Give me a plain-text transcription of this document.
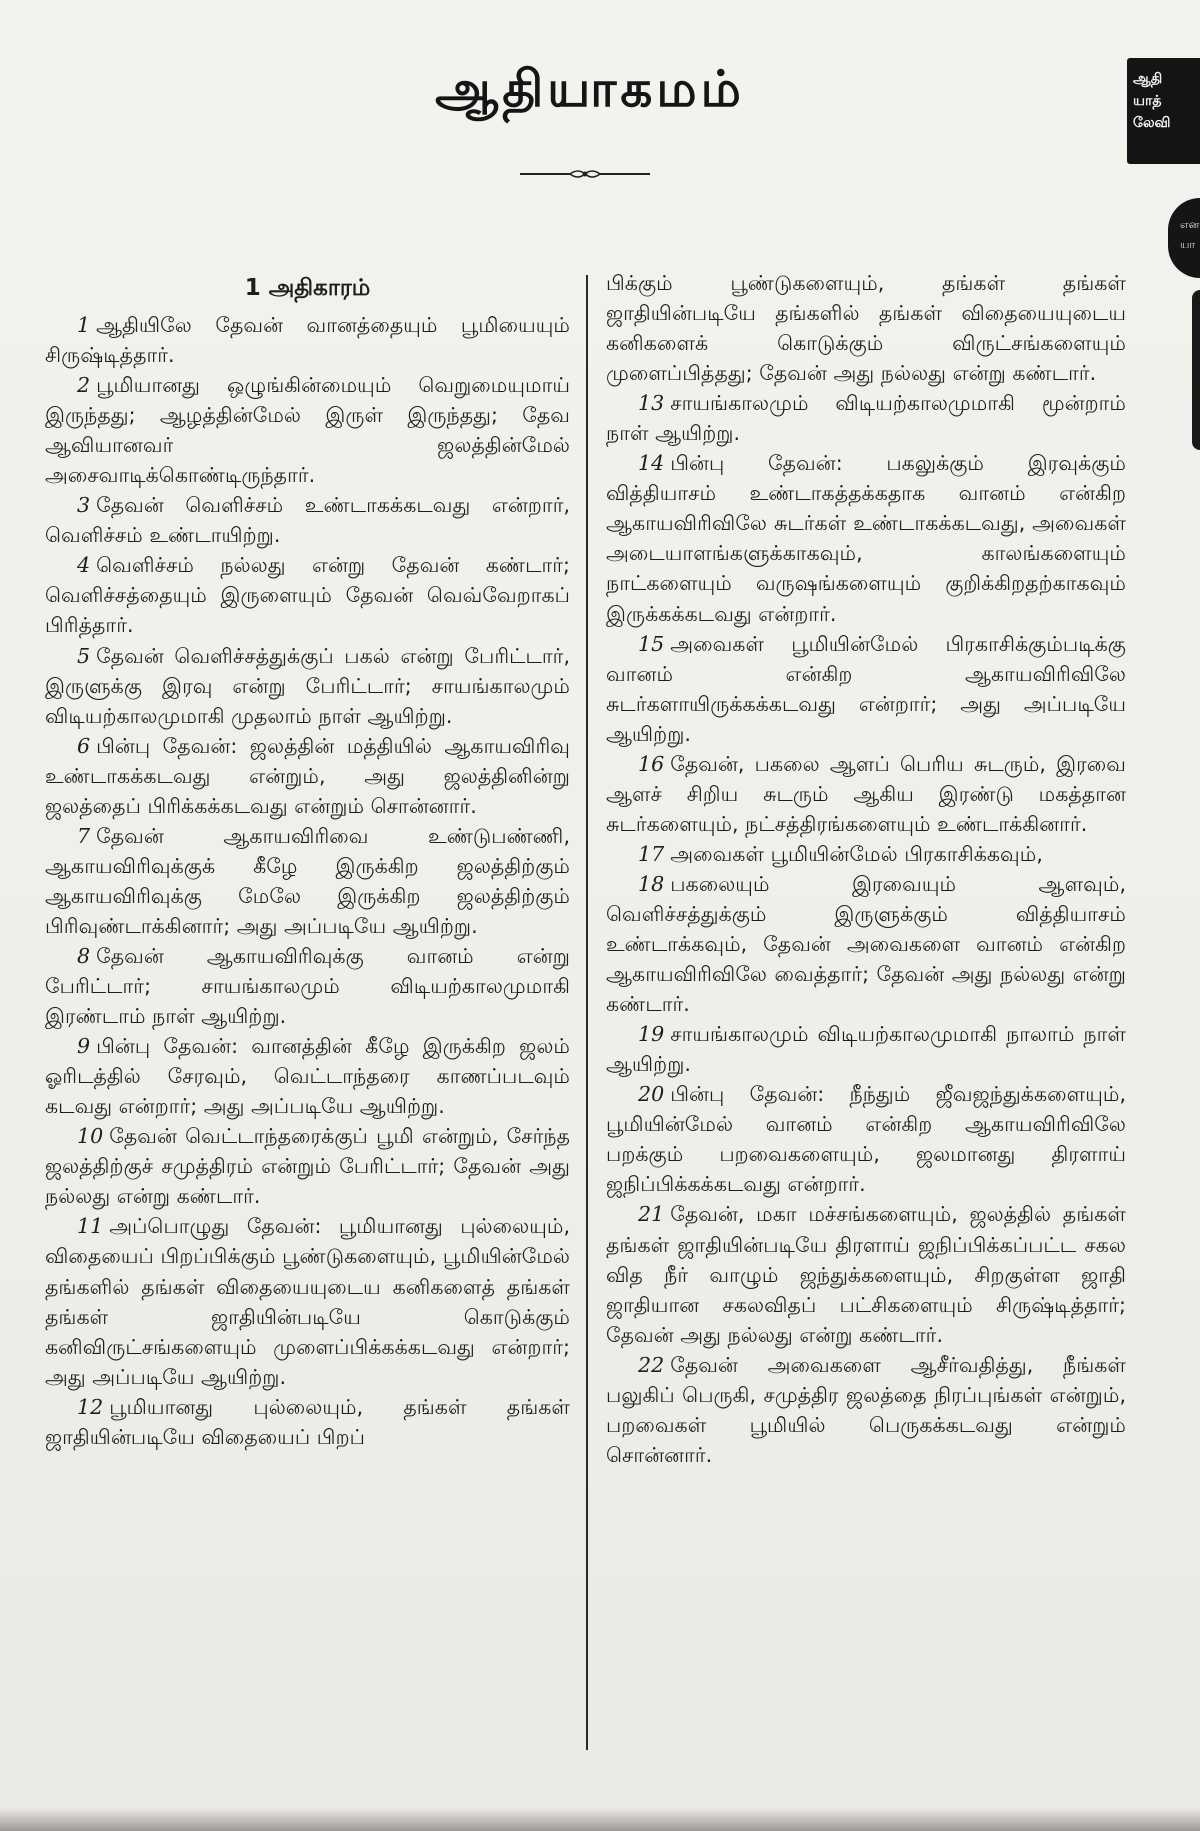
ஆதியாகமம்	ஆதி
யாத்
லேவி
என
யா

1 அதிகாரம்

1 ஆதியிலே தேவன் வானத்தையும் பூமியையும் சிருஷ்டித்தார்.

2 பூமியானது ஒழுங்கின்மையும் வெறுமையுமாய் இருந்தது; ஆழத்தின்மேல் இருள் இருந்தது; தேவ ஆவியானவர் ஜலத்தின்மேல் அசைவாடிக்கொண்டிருந்தார்.

3 தேவன் வெளிச்சம் உண்டாகக்கடவது என்றார், வெளிச்சம் உண்டாயிற்று.

4 வெளிச்சம் நல்லது என்று தேவன் கண்டார்; வெளிச்சத்தையும் இருளையும் தேவன் வெவ்வேறாகப் பிரித்தார்.

5 தேவன் வெளிச்சத்துக்குப் பகல் என்று பேரிட்டார், இருளுக்கு இரவு என்று பேரிட்டார்; சாயங்காலமும் விடியற்காலமுமாகி முதலாம் நாள் ஆயிற்று.

6 பின்பு தேவன்: ஜலத்தின் மத்தியில் ஆகாயவிரிவு உண்டாகக்கடவது என்றும், அது ஜலத்தினின்று ஜலத்தைப் பிரிக்கக்கடவது என்றும் சொன்னார்.

7 தேவன் ஆகாயவிரிவை உண்டுபண்ணி, ஆகாயவிரிவுக்குக் கீழே இருக்கிற ஜலத்திற்கும் ஆகாயவிரிவுக்கு மேலே இருக்கிற ஜலத்திற்கும் பிரிவுண்டாக்கினார்; அது அப்படியே ஆயிற்று.

8 தேவன் ஆகாயவிரிவுக்கு வானம் என்று பேரிட்டார்; சாயங்காலமும் விடியற்காலமுமாகி இரண்டாம் நாள் ஆயிற்று.

9 பின்பு தேவன்: வானத்தின் கீழே இருக்கிற ஜலம் ஓரிடத்தில் சேரவும், வெட்டாந்தரை காணப்படவும் கடவது என்றார்; அது அப்படியே ஆயிற்று.

10 தேவன் வெட்டாந்தரைக்குப் பூமி என்றும், சேர்ந்த ஜலத்திற்குச் சமுத்திரம் என்றும் பேரிட்டார்; தேவன் அது நல்லது என்று கண்டார்.

11 அப்பொழுது தேவன்: பூமியானது புல்லையும், விதையைப் பிறப்பிக்கும் பூண்டுகளையும், பூமியின்மேல் தங்களில் தங்கள் விதையையுடைய கனிகளைத் தங்கள் தங்கள் ஜாதியின்படியே கொடுக்கும் கனிவிருட்சங்களையும் முளைப்பிக்கக்கடவது என்றார்; அது அப்படியே ஆயிற்று.

12 பூமியானது புல்லையும், தங்கள் தங்கள் ஜாதியின்படியே விதையைப் பிறப்

பிக்கும் பூண்டுகளையும், தங்கள் தங்கள் ஜாதியின்படியே தங்களில் தங்கள் விதையையுடைய கனிகளைக் கொடுக்கும் விருட்சங்களையும் முளைப்பித்தது; தேவன் அது நல்லது என்று கண்டார்.

13 சாயங்காலமும் விடியற்காலமுமாகி மூன்றாம் நாள் ஆயிற்று.

14 பின்பு தேவன்: பகலுக்கும் இரவுக்கும் வித்தியாசம் உண்டாகத்தக்கதாக வானம் என்கிற ஆகாயவிரிவிலே சுடர்கள் உண்டாகக்கடவது, அவைகள் அடையாளங்களுக்காகவும், காலங்களையும் நாட்களையும் வருஷங்களையும் குறிக்கிறதற்காகவும் இருக்கக்கடவது என்றார்.

15 அவைகள் பூமியின்மேல் பிரகாசிக்கும்படிக்கு வானம் என்கிற ஆகாயவிரிவிலே சுடர்களாயிருக்கக்கடவது என்றார்; அது அப்படியே ஆயிற்று.

16 தேவன், பகலை ஆளப் பெரிய சுடரும், இரவை ஆளச் சிறிய சுடரும் ஆகிய இரண்டு மகத்தான சுடர்களையும், நட்சத்திரங்களையும் உண்டாக்கினார்.

17 அவைகள் பூமியின்மேல் பிரகாசிக்கவும்,

18 பகலையும் இரவையும் ஆளவும், வெளிச்சத்துக்கும் இருளுக்கும் வித்தியாசம் உண்டாக்கவும், தேவன் அவைகளை வானம் என்கிற ஆகாயவிரிவிலே வைத்தார்; தேவன் அது நல்லது என்று கண்டார்.

19 சாயங்காலமும் விடியற்காலமுமாகி நாலாம் நாள் ஆயிற்று.

20 பின்பு தேவன்: நீந்தும் ஜீவஜந்துக்களையும், பூமியின்மேல் வானம் என்கிற ஆகாயவிரிவிலே பறக்கும் பறவைகளையும், ஜலமானது திரளாய் ஜநிப்பிக்கக்கடவது என்றார்.

21 தேவன், மகா மச்சங்களையும், ஜலத்தில் தங்கள் தங்கள் ஜாதியின்படியே திரளாய் ஜநிப்பிக்கப்பட்ட சகல வித நீர் வாழும் ஜந்துக்களையும், சிறகுள்ள ஜாதி ஜாதியான சகலவிதப் பட்சிகளையும் சிருஷ்டித்தார்; தேவன் அது நல்லது என்று கண்டார்.

22 தேவன் அவைகளை ஆசீர்வதித்து, நீங்கள் பலுகிப் பெருகி, சமுத்திர ஜலத்தை நிரப்புங்கள் என்றும், பறவைகள் பூமியில் பெருகக்கடவது என்றும் சொன்னார்.
